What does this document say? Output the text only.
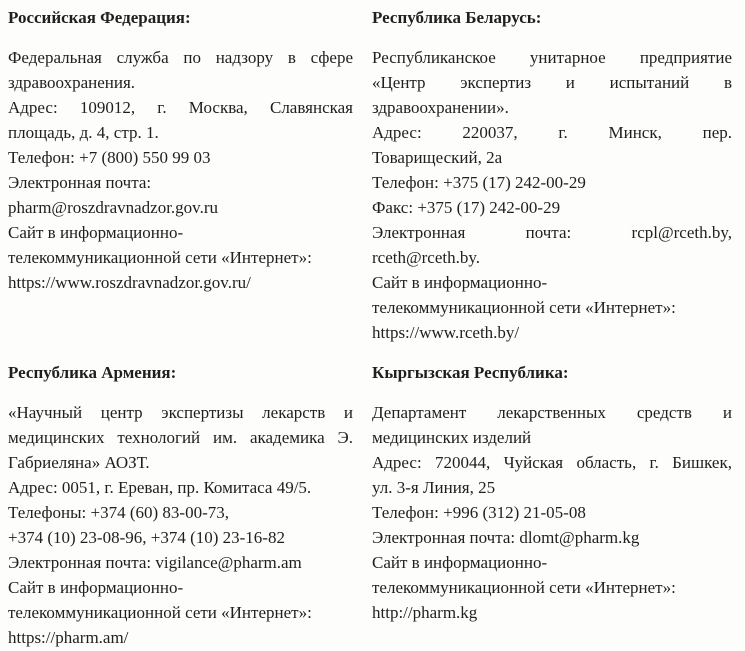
Российская Федерация:
Федеральная служба по надзору в сфере
здравоохранения.
Адрес: 109012, г. Москва, Славянская
площадь, д. 4, стр. 1.
Телефон: +7 (800) 550 99 03
Электронная почта:
pharm@roszdravnadzor.gov.ru
Сайт в информационно-
телекоммуникационной сети «Интернет»:
https://www.roszdravnadzor.gov.ru/
Республика Беларусь:
Республиканское унитарное предприятие
«Центр экспертиз и испытаний в
здравоохранении».
Адрес: 220037, г. Минск, пер.
Товарищеский, 2а
Телефон: +375 (17) 242-00-29
Факс: +375 (17) 242-00-29
Электронная почта: rcpl@rceth.by,
rceth@rceth.by.
Сайт в информационно-
телекоммуникационной сети «Интернет»:
https://www.rceth.by/
Республика Армения:
«Научный центр экспертизы лекарств и
медицинских технологий им. академика Э.
Габриеляна» АОЗТ.
Адрес: 0051, г. Ереван, пр. Комитаса 49/5.
Телефоны: +374 (60) 83-00-73,
+374 (10) 23-08-96, +374 (10) 23-16-82
Электронная почта: vigilance@pharm.am
Сайт в информационно-
телекоммуникационной сети «Интернет»:
https://pharm.am/
Кыргызская Республика:
Департамент лекарственных средств и
медицинских изделий
Адрес: 720044, Чуйская область, г. Бишкек,
ул. 3-я Линия, 25
Телефон: +996 (312) 21-05-08
Электронная почта: dlomt@pharm.kg
Сайт в информационно-
телекоммуникационной сети «Интернет»:
http://pharm.kg
